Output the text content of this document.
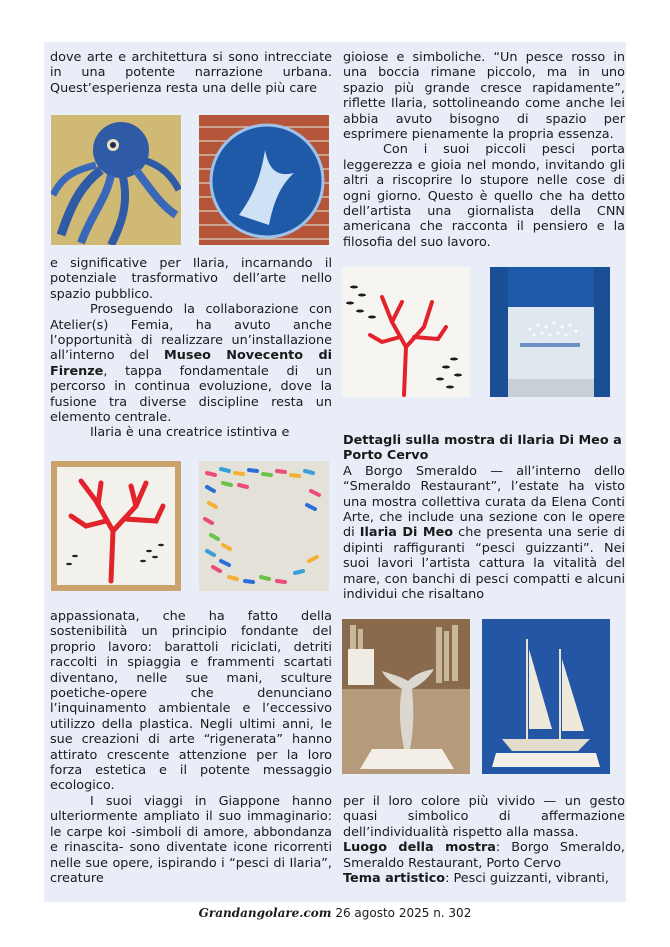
dove arte e architettura si sono intrecciate in una potente narrazione urbana. Quest’esperienza resta una delle più care

e significative per Ilaria, incarnando il potenziale trasformativo dell’arte nello spazio pubblico.

Proseguendo la collaborazione con Atelier(s) Femia, ha avuto anche l’opportunità di realizzare un’installazione all’interno del Museo Novecento di Firenze, tappa fondamentale di un percorso in continua evoluzione, dove la fusione tra diverse discipline resta un elemento centrale.

Ilaria è una creatrice istintiva e

appassionata, che ha fatto della sostenibilità un principio fondante del proprio lavoro: barattoli riciclati, detriti raccolti in spiaggia e frammenti scartati diventano, nelle sue mani, sculture poetiche-opere che denunciano l’inquinamento ambientale e l’eccessivo utilizzo della plastica. Negli ultimi anni, le sue creazioni di arte “rigenerata” hanno attirato crescente attenzione per la loro forza estetica e il potente messaggio ecologico.

I suoi viaggi in Giappone hanno ulteriormente ampliato il suo immaginario: le carpe koi -simboli di amore, abbondanza e rinascita- sono diventate icone ricorrenti nelle sue opere, ispirando i “pesci di Ilaria”, creature

gioiose e simboliche. “Un pesce rosso in una boccia rimane piccolo, ma in uno spazio più grande cresce rapidamente”, riflette Ilaria, sottolineando come anche lei abbia avuto bisogno di spazio per esprimere pienamente la propria essenza.

Con i suoi piccoli pesci porta leggerezza e gioia nel mondo, invitando gli altri a riscoprire lo stupore nelle cose di ogni giorno. Questo è quello che ha detto dell’artista una giornalista della CNN americana che racconta il pensiero e la filosofia del suo lavoro.

Dettagli sulla mostra di Ilaria Di Meo a Porto Cervo

A Borgo Smeraldo — all’interno dello “Smeraldo Restaurant”, l’estate ha visto una mostra collettiva curata da Elena Conti Arte, che include una sezione con le opere di Ilaria Di Meo che presenta una serie di dipinti raffiguranti “pesci guizzanti”. Nei suoi lavori l’artista cattura la vitalità del mare, con banchi di pesci compatti e alcuni individui che risaltano

per il loro colore più vivido — un gesto quasi simbolico di affermazione dell’individualità rispetto alla massa.

Luogo della mostra: Borgo Smeraldo, Smeraldo Restaurant, Porto Cervo

Tema artistico: Pesci guizzanti, vibranti,

Grandangolare.com 26 agosto 2025 n. 302
